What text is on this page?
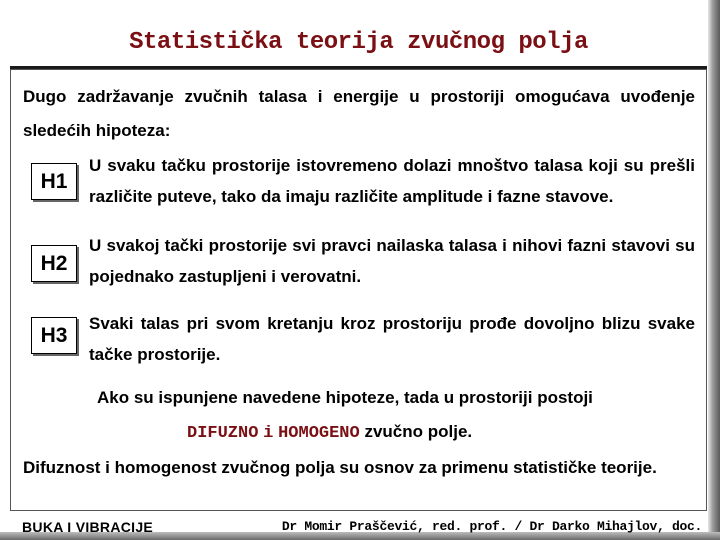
Statistička teorija zvučnog polja
Dugo zadržavanje zvučnih talasa i energije u prostoriji omogućava uvođenje sledećih hipoteza:
H1
U svaku tačku prostorije istovremeno dolazi mnoštvo talasa koji su prešli različite puteve, tako da imaju različite amplitude i fazne stavove.
H2
U svakoj tački prostorije svi pravci nailaska talasa i nihovi fazni stavovi su pojednako zastupljeni i verovatni.
H3
Svaki talas pri svom kretanju kroz prostoriju prođe dovoljno blizu svake tačke prostorije.
Ako su ispunjene navedene hipoteze, tada u prostoriji postoji
DIFUZNO i HOMOGENO zvučno polje.
Difuznost i homogenost zvučnog polja su osnov za primenu statističke teorije.
BUKA I VIBRACIJE	Dr Momir Praščević, red. prof. / Dr Darko Mihajlov, doc.
